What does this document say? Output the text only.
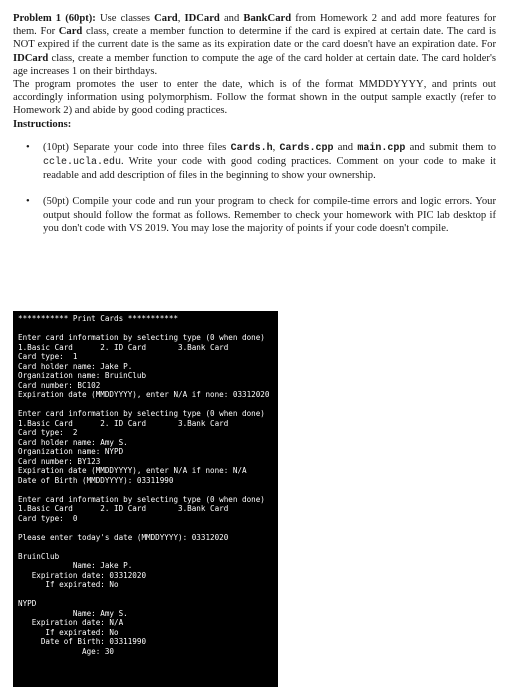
Problem 1 (60pt): Use classes Card, IDCard and BankCard from Homework 2 and add more features for them. For Card class, create a member function to determine if the card is expired at certain date. The card is NOT expired if the current date is the same as its expiration date or the card doesn't have an expiration date. For IDCard class, create a member function to compute the age of the card holder at certain date. The card holder's age increases 1 on their birthdays.

The program promotes the user to enter the date, which is of the format MMDDYYYY, and prints out accordingly information using polymorphism. Follow the format shown in the output sample exactly (refer to Homework 2) and abide by good coding practices.

Instructions:

• (10pt) Separate your code into three files Cards.h, Cards.cpp and main.cpp and submit them to ccle.ucla.edu. Write your code with good coding practices. Comment on your code to make it readable and add description of files in the beginning to show your ownership.
• (50pt) Compile your code and run your program to check for compile-time errors and logic errors. Your output should follow the format as follows. Remember to check your homework with PIC lab desktop if you don't code with VS 2019. You may lose the majority of points if your code doesn't compile.
*********** Print Cards ***********
Enter card information by selecting type (0 when done)
1.Basic Card      2. ID Card       3.Bank Card
Card type:  1
Card holder name: Jake P.
Organization name: BruinClub
Card number: BC102
Expiration date (MMDDYYYY), enter N/A if none: 03312020
Enter card information by selecting type (0 when done)
1.Basic Card      2. ID Card       3.Bank Card
Card type:  2
Card holder name: Amy S.
Organization name: NYPD
Card number: BY123
Expiration date (MMDDYYYY), enter N/A if none: N/A
Date of Birth (MMDDYYYY): 03311990
Enter card information by selecting type (0 when done)
1.Basic Card      2. ID Card       3.Bank Card
Card type:  0
Please enter today's date (MMDDYYYY): 03312020
BruinClub
Name: Jake P.
Expiration date: 03312020
If expirated: No
NYPD
Name: Amy S.
Expiration date: N/A
If expirated: No
Date of Birth: 03311990
Age: 30
